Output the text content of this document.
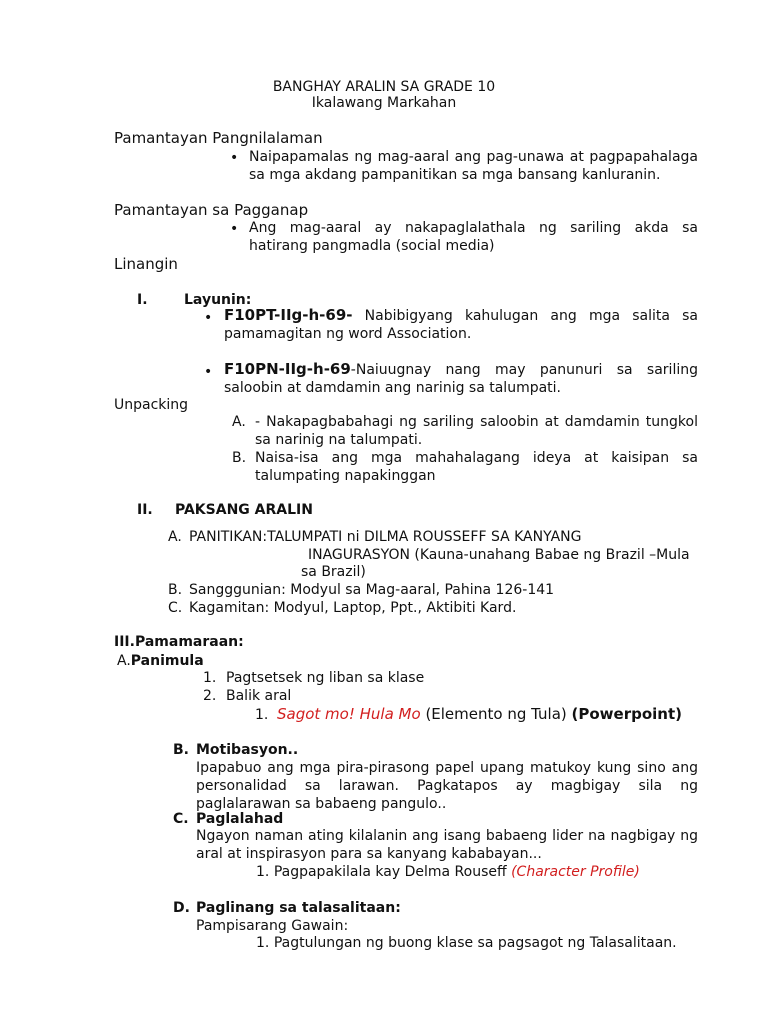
BANGHAY ARALIN SA GRADE 10
Ikalawang Markahan
Pamantayan Pangnilalaman
• Naipapamalas ng mag-aaral ang pag-unawa at pagpapahalaga sa mga akdang pampanitikan sa mga bansang kanluranin.
Pamantayan sa Pagganap
• Ang mag-aaral ay nakapaglalathala ng sariling akda sa hatirang pangmadla (social media)
Linangin
I.	Layunin:
• F10PT-IIg-h-69- Nabibigyang kahulugan ang mga salita sa pamamagitan ng word Association.
• F10PN-IIg-h-69-Naiuugnay nang may panunuri sa sariling saloobin at damdamin ang narinig sa talumpati.
Unpacking
A. - Nakapagbabahagi ng sariling saloobin at damdamin tungkol sa narinig na talumpati.
B. Naisa-isa ang mga mahahalagang ideya at kaisipan sa talumpating napakinggan
II. PAKSANG ARALIN
A. PANITIKAN:TALUMPATI ni DILMA ROUSSEFF SA KANYANG
INAGURASYON (Kauna-unahang Babae ng Brazil –Mula
sa Brazil)
B. Sangggunian: Modyul sa Mag-aaral, Pahina 126-141
C. Kagamitan: Modyul, Laptop, Ppt., Aktibiti Kard.
III.Pamamaraan:
A.Panimula
1. Pagtsetsek ng liban sa klase
2. Balik aral
1. Sagot mo! Hula Mo (Elemento ng Tula) (Powerpoint)
B. Motibasyon..
Ipapabuo ang mga pira-pirasong papel upang matukoy kung sino ang personalidad sa larawan. Pagkatapos ay magbigay sila ng paglalarawan sa babaeng pangulo..
C. Paglalahad
Ngayon naman ating kilalanin ang isang babaeng lider na nagbigay ng aral at inspirasyon para sa kanyang kababayan...
1. Pagpapakilala kay Delma Rouseff (Character Profile)
D. Paglinang sa talasalitaan:
Pampisarang Gawain:
1. Pagtulungan ng buong klase sa pagsagot ng Talasalitaan.
